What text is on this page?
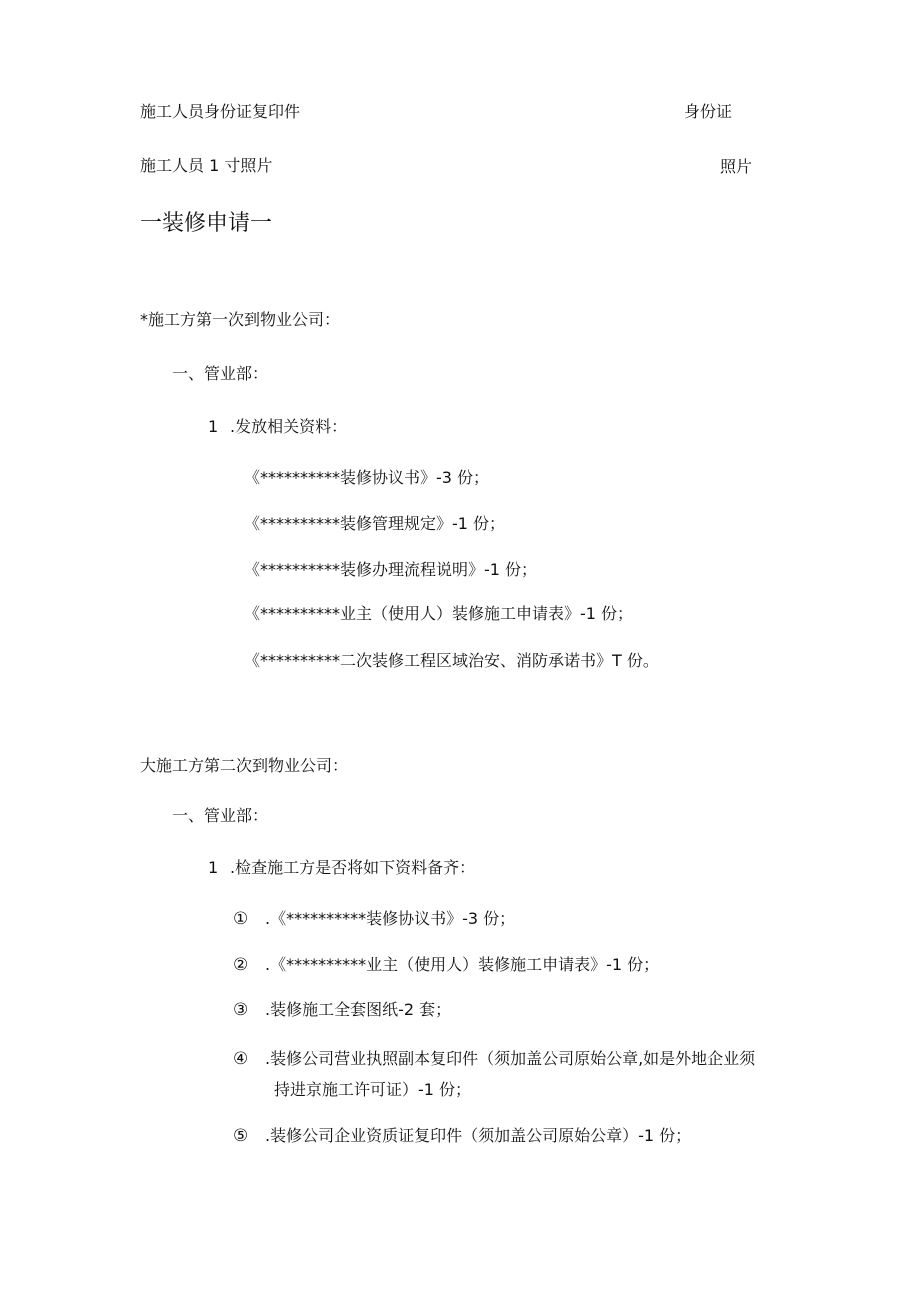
施工人员身份证复印件	身份证
施工人员 1 寸照片	照片
一装修申请一
*施工方第一次到物业公司：
一、管业部：
1 .发放相关资料：
《**********装修协议书》-3 份；
《**********装修管理规定》-1 份；
《**********装修办理流程说明》-1 份；
《**********业主（使用人）装修施工申请表》-1 份；
《**********二次装修工程区域治安、消防承诺书》T 份。
大施工方第二次到物业公司：
一、管业部：
1 .检查施工方是否将如下资料备齐：
① .《**********装修协议书》-3 份；
② .《**********业主（使用人）装修施工申请表》-1 份；
③ .装修施工全套图纸-2 套；
④ .装修公司营业执照副本复印件（须加盖公司原始公章,如是外地企业须
持进京施工许可证）-1 份；
⑤ .装修公司企业资质证复印件（须加盖公司原始公章）-1 份；
